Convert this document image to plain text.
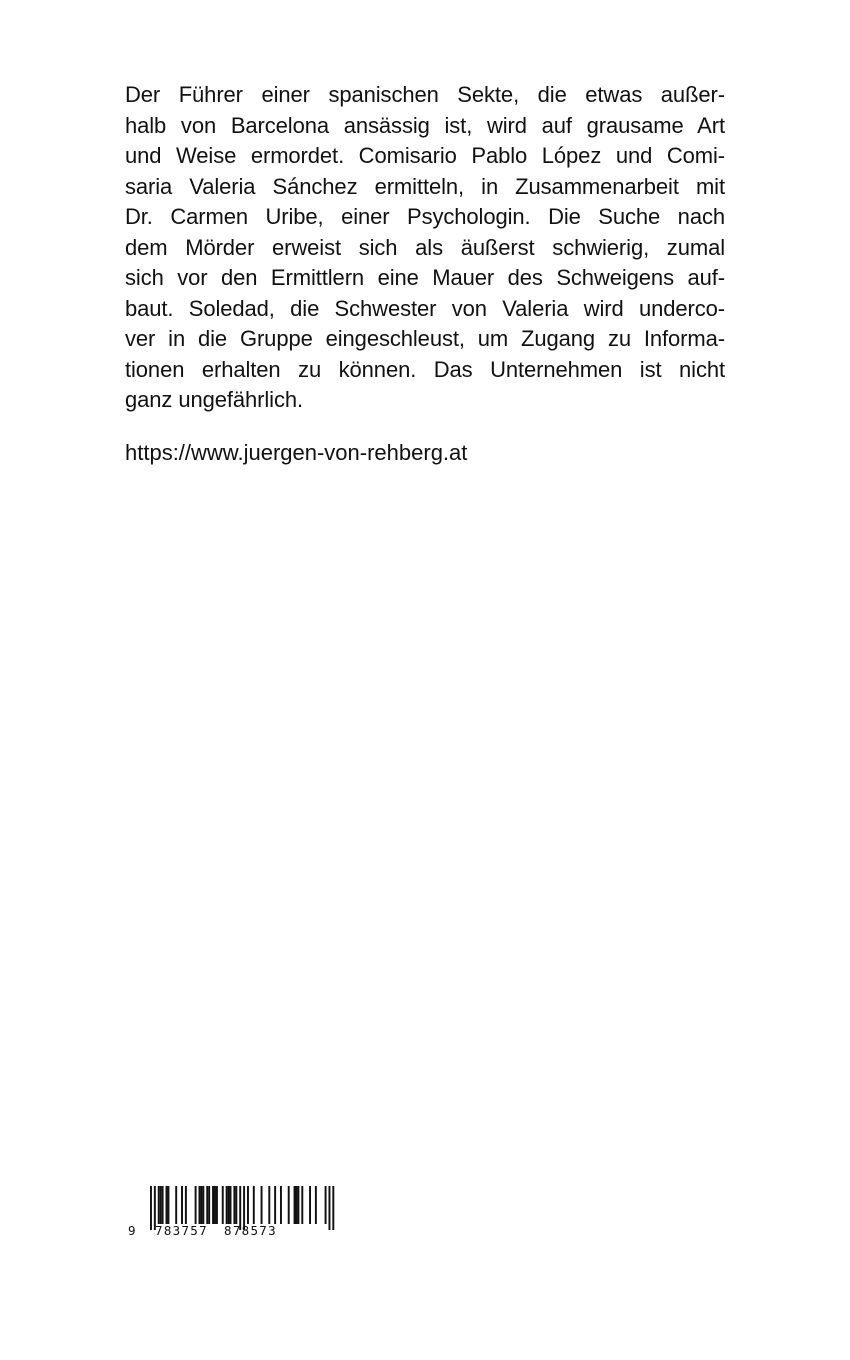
Der Führer einer spanischen Sekte, die etwas außer-
halb von Barcelona ansässig ist, wird auf grausame Art
und Weise ermordet. Comisario Pablo López und Comi-
saria Valeria Sánchez ermitteln, in Zusammenarbeit mit
Dr. Carmen Uribe, einer Psychologin. Die Suche nach
dem Mörder erweist sich als äußerst schwierig, zumal
sich vor den Ermittlern eine Mauer des Schweigens auf-
baut. Soledad, die Schwester von Valeria wird underco-
ver in die Gruppe eingeschleust, um Zugang zu Informa-
tionen erhalten zu können. Das Unternehmen ist nicht
ganz ungefährlich.

https://www.juergen-von-rehberg.at

9 783757 878573
